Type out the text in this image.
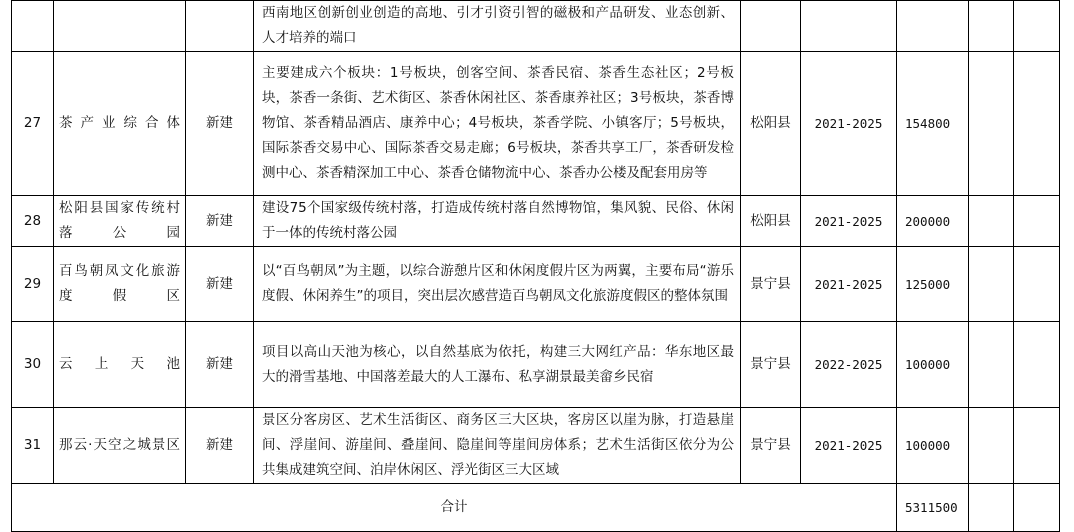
			西南地区创新创业创造的高地、引才引资引智的磁极和产品研发、业态创新、人才培养的端口					
27	茶产业综合体	新建	主要建成六个板块：1号板块，创客空间、茶香民宿、茶香生态社区；2号板块，茶香一条街、艺术街区、茶香休闲社区、茶香康养社区；3号板块，茶香博物馆、茶香精品酒店、康养中心；4号板块，茶香学院、小镇客厅；5号板块，国际茶香交易中心、国际茶香交易走廊；6号板块，茶香共享工厂，茶香研发检测中心、茶香精深加工中心、茶香仓储物流中心、茶香办公楼及配套用房等	松阳县	2021-2025	154800		
28	松阳县国家传统村落公园	新建	建设75个国家级传统村落，打造成传统村落自然博物馆，集风貌、民俗、休闲于一体的传统村落公园	松阳县	2021-2025	200000		
29	百鸟朝凤文化旅游度假区	新建	以“百鸟朝凤”为主题，以综合游憩片区和休闲度假片区为两翼，主要布局“游乐度假、休闲养生”的项目，突出层次感营造百鸟朝凤文化旅游度假区的整体氛围	景宁县	2021-2025	125000		
30	云上天池	新建	项目以高山天池为核心，以自然基底为依托，构建三大网红产品：华东地区最大的滑雪基地、中国落差最大的人工瀑布、私享湖景最美畲乡民宿	景宁县	2022-2025	100000		
31	那云·天空之城景区	新建	景区分客房区、艺术生活街区、商务区三大区块，客房区以崖为脉，打造悬崖间、浮崖间、游崖间、叠崖间、隐崖间等崖间房体系；艺术生活街区依分为公共集成建筑空间、泊岸休闲区、浮光街区三大区域	景宁县	2021-2025	100000		
合计						5311500		
